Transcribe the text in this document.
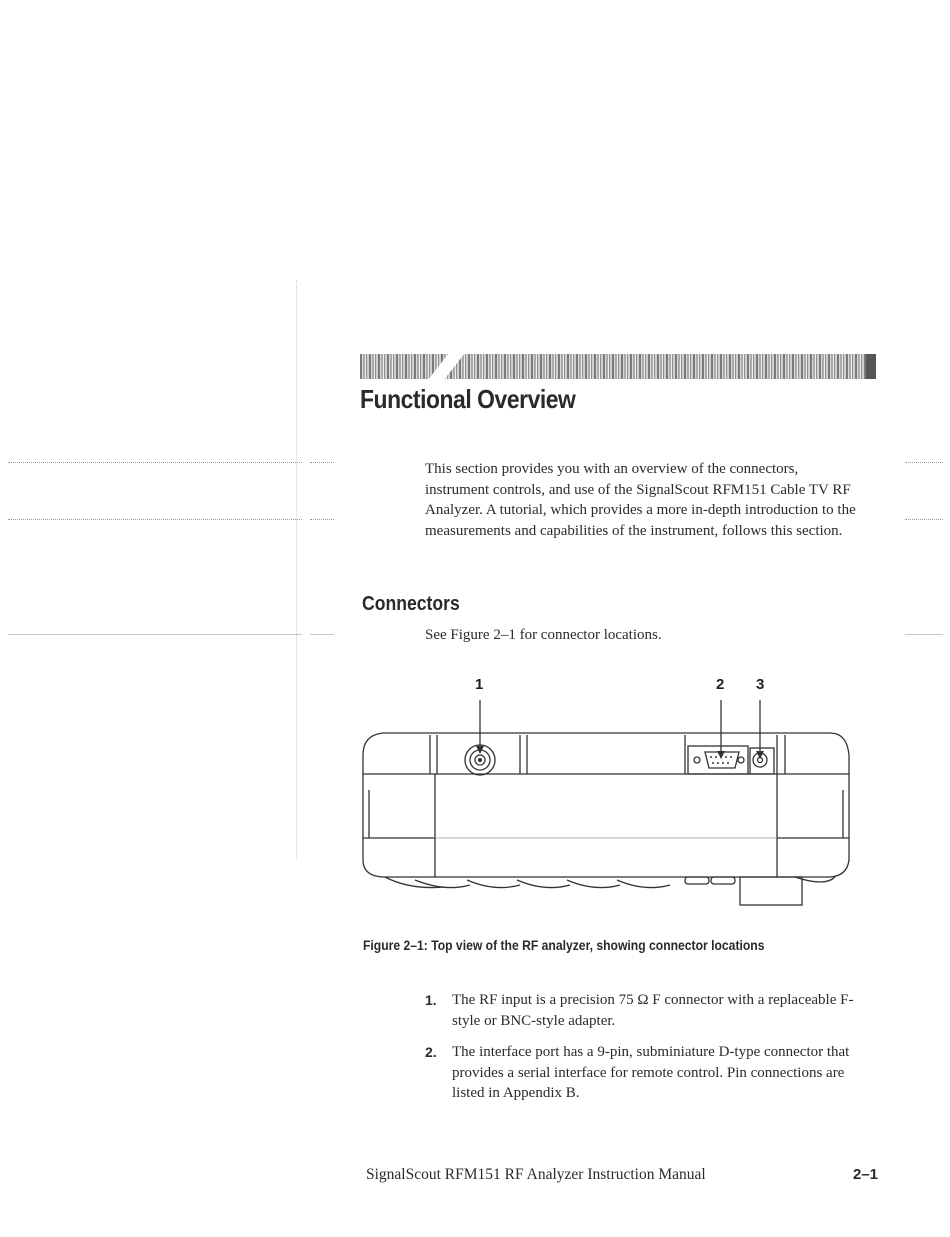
Functional Overview

This section provides you with an overview of the connectors, instrument controls, and use of the SignalScout RFM151 Cable TV RF Analyzer. A tutorial, which provides a more in-depth introduction to the measurements and capabilities of the instrument, follows this section.

Connectors

See Figure 2–1 for connector locations.

1	2 3

Figure 2–1: Top view of the RF analyzer, showing connector locations

1.	The RF input is a precision 75 Ω F connector with a replaceable F-style or BNC-style adapter.
2.	The interface port has a 9-pin, subminiature D-type connector that provides a serial interface for remote control. Pin connections are listed in Appendix B.
SignalScout RFM151 RF Analyzer Instruction Manual	2–1
